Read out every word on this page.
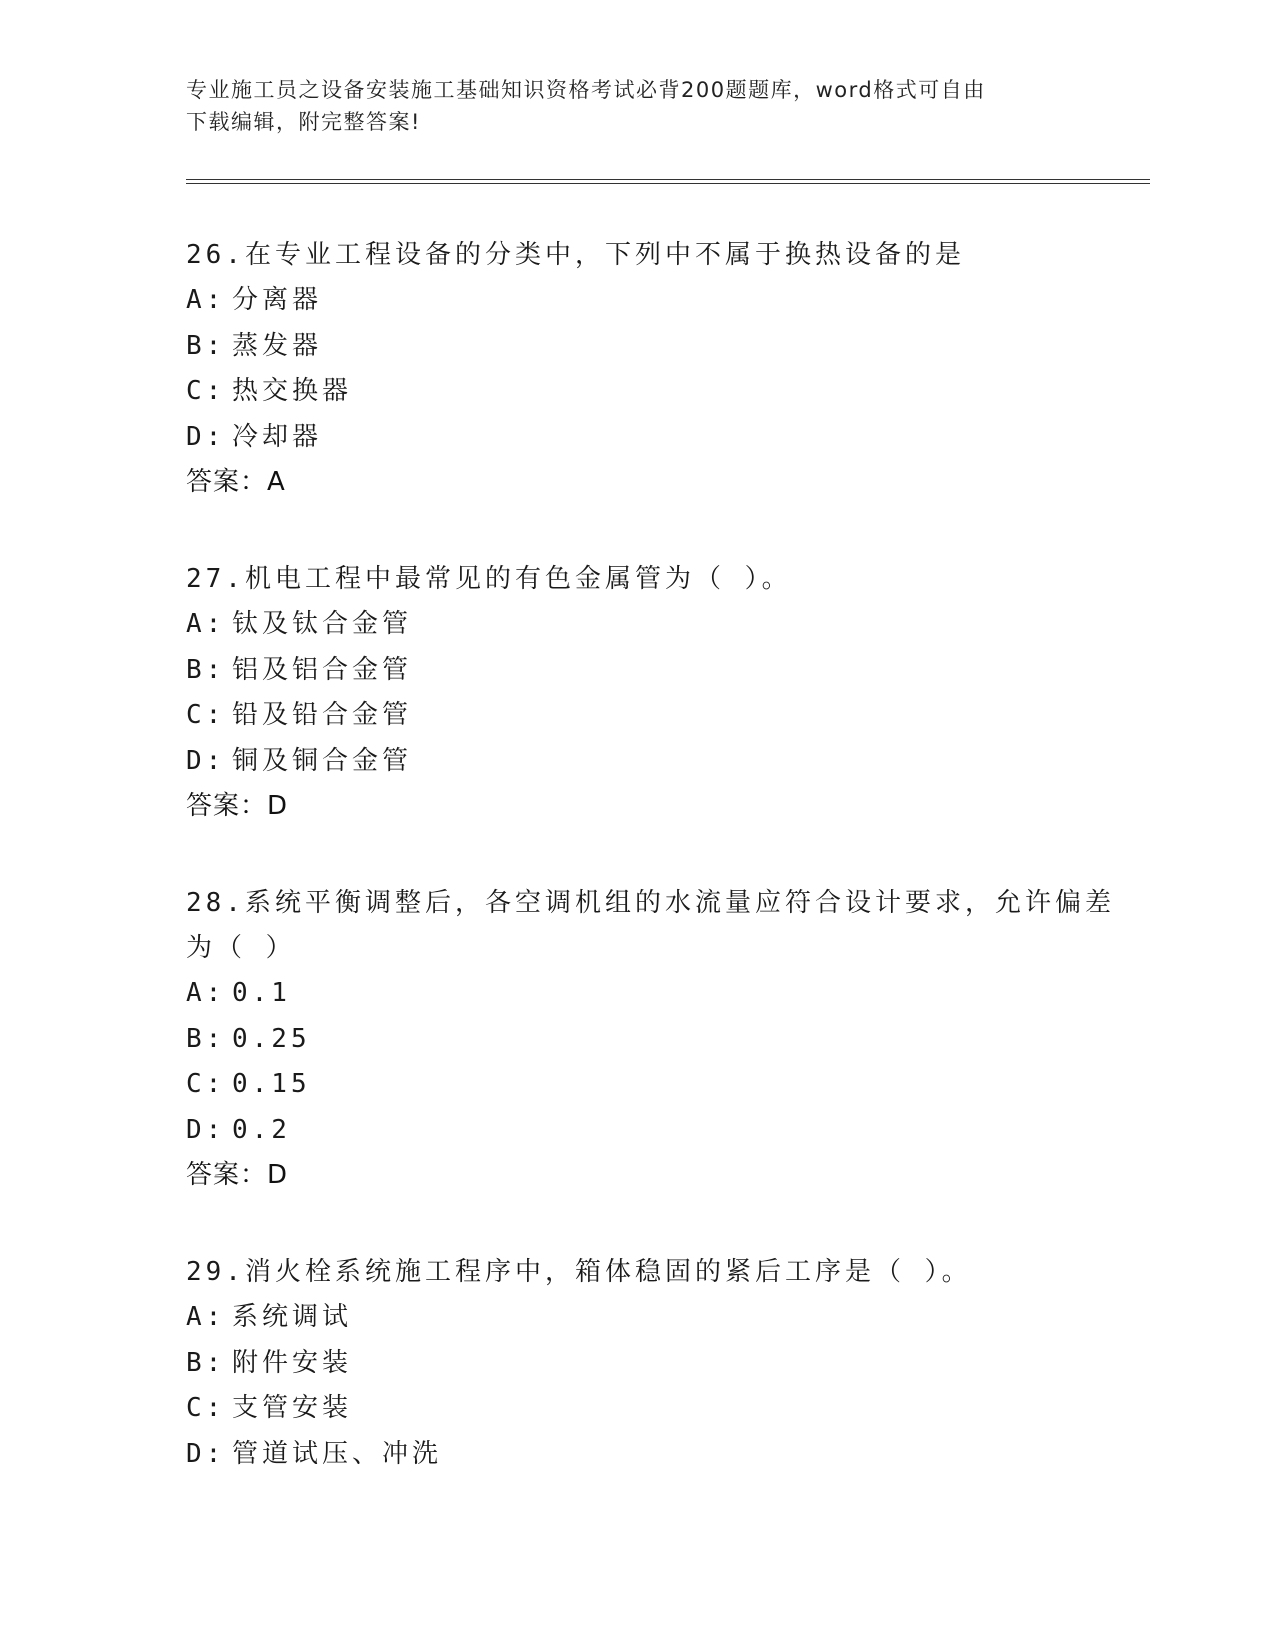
专业施工员之设备安装施工基础知识资格考试必背200题题库，word格式可自由
下载编辑，附完整答案!
26.在专业工程设备的分类中，下列中不属于换热设备的是
A: 分离器
B: 蒸发器
C: 热交换器
D: 冷却器
答案：A
27.机电工程中最常见的有色金属管为（ ）。
A: 钛及钛合金管
B: 铝及铝合金管
C: 铅及铅合金管
D: 铜及铜合金管
答案：D
28.系统平衡调整后，各空调机组的水流量应符合设计要求，允许偏差
为（ ）
A: 0.1
B: 0.25
C: 0.15
D: 0.2
答案：D
29.消火栓系统施工程序中，箱体稳固的紧后工序是（ ）。
A: 系统调试
B: 附件安装
C: 支管安装
D: 管道试压、冲洗
